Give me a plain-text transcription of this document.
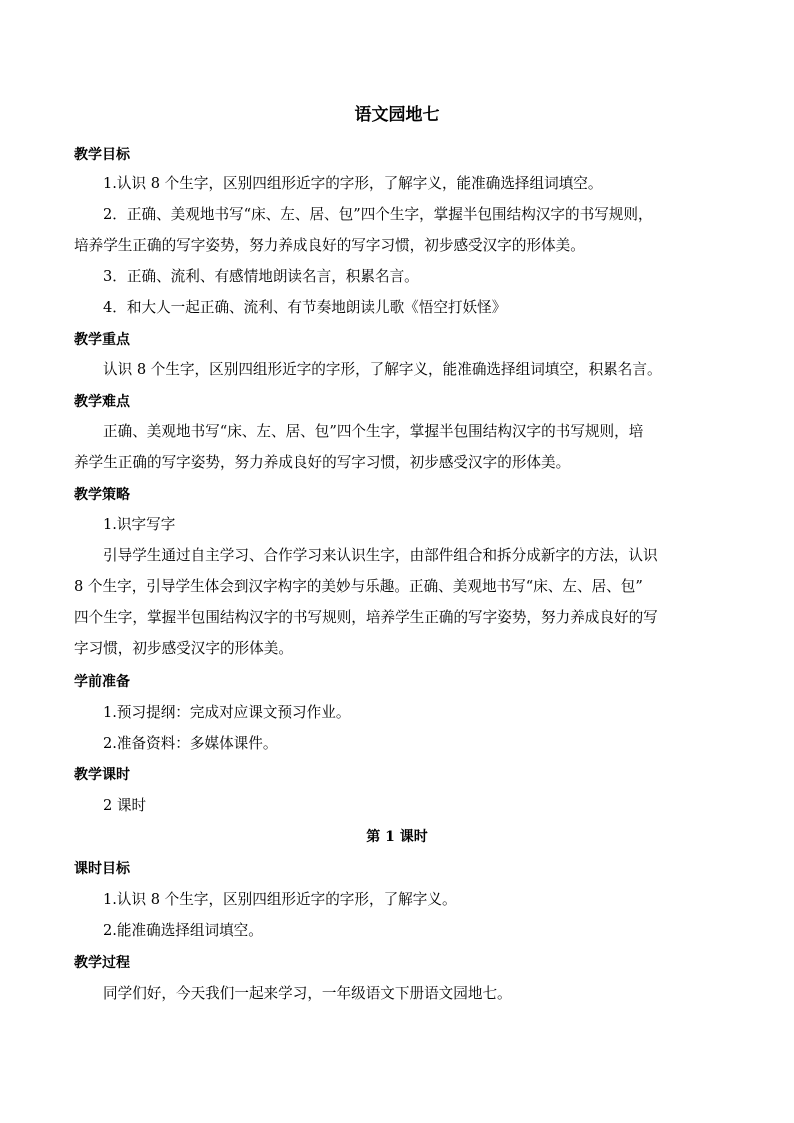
语文园地七
教学目标
1.认识 8 个生字，区别四组形近字的字形，了解字义，能准确选择组词填空。
2．正确、美观地书写“床、左、居、包”四个生字，掌握半包围结构汉字的书写规则，
培养学生正确的写字姿势，努力养成良好的写字习惯，初步感受汉字的形体美。
3．正确、流利、有感情地朗读名言，积累名言。
4．和大人一起正确、流利、有节奏地朗读儿歌《悟空打妖怪》
教学重点
认识 8 个生字，区别四组形近字的字形，了解字义，能准确选择组词填空，积累名言。
教学难点
正确、美观地书写“床、左、居、包”四个生字，掌握半包围结构汉字的书写规则，培
养学生正确的写字姿势，努力养成良好的写字习惯，初步感受汉字的形体美。
教学策略
1.识字写字
引导学生通过自主学习、合作学习来认识生字，由部件组合和拆分成新字的方法，认识
8 个生字，引导学生体会到汉字构字的美妙与乐趣。正确、美观地书写“床、左、居、包”
四个生字，掌握半包围结构汉字的书写规则，培养学生正确的写字姿势，努力养成良好的写
字习惯，初步感受汉字的形体美。
学前准备
1.预习提纲：完成对应课文预习作业。
2.准备资料：多媒体课件。
教学课时
2 课时
第 1 课时
课时目标
1.认识 8 个生字，区别四组形近字的字形，了解字义。
2.能准确选择组词填空。
教学过程
同学们好，今天我们一起来学习，一年级语文下册语文园地七。
